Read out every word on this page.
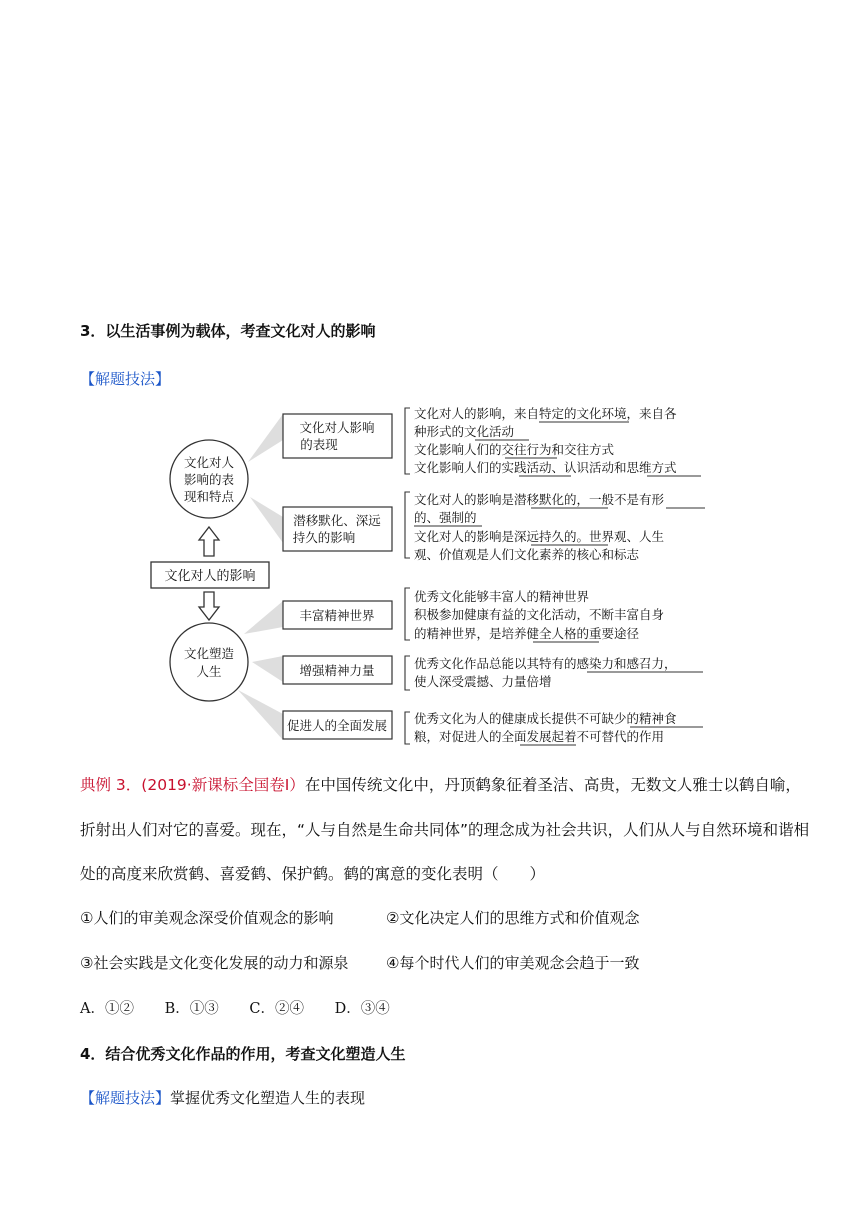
3．以生活事例为载体，考查文化对人的影响
【解题技法】
文化对人
影响的表
现和特点
文化塑造
人生
文化对人的影响
文化对人影响
的表现
潜移默化、深远
持久的影响
丰富精神世界
增强精神力量
促进人的全面发展
文化对人的影响，来自特定的文化环境，来自各
种形式的文化活动
文化影响人们的交往行为和交往方式
文化影响人们的实践活动、认识活动和思维方式
文化对人的影响是潜移默化的，一般不是有形
的、强制的
文化对人的影响是深远持久的。世界观、人生
观、价值观是人们文化素养的核心和标志
优秀文化能够丰富人的精神世界
积极参加健康有益的文化活动，不断丰富自身
的精神世界，是培养健全人格的重要途径
优秀文化作品总能以其特有的感染力和感召力，
使人深受震撼、力量倍增
优秀文化为人的健康成长提供不可缺少的精神食
粮，对促进人的全面发展起着不可替代的作用
典例 3．(2019·新课标全国卷Ⅰ）在中国传统文化中，丹顶鹤象征着圣洁、高贵，无数文人雅士以鹤自喻，
折射出人们对它的喜爱。现在，“人与自然是生命共同体”的理念成为社会共识，人们从人与自然环境和谐相
处的高度来欣赏鹤、喜爱鹤、保护鹤。鹤的寓意的变化表明（　　）
①人们的审美观念深受价值观念的影响	②文化决定人们的思维方式和价值观念
③社会实践是文化变化发展的动力和源泉	④每个时代人们的审美观念会趋于一致
A．①② B．①③ C．②④ D．③④
4．结合优秀文化作品的作用，考查文化塑造人生
【解题技法】掌握优秀文化塑造人生的表现
